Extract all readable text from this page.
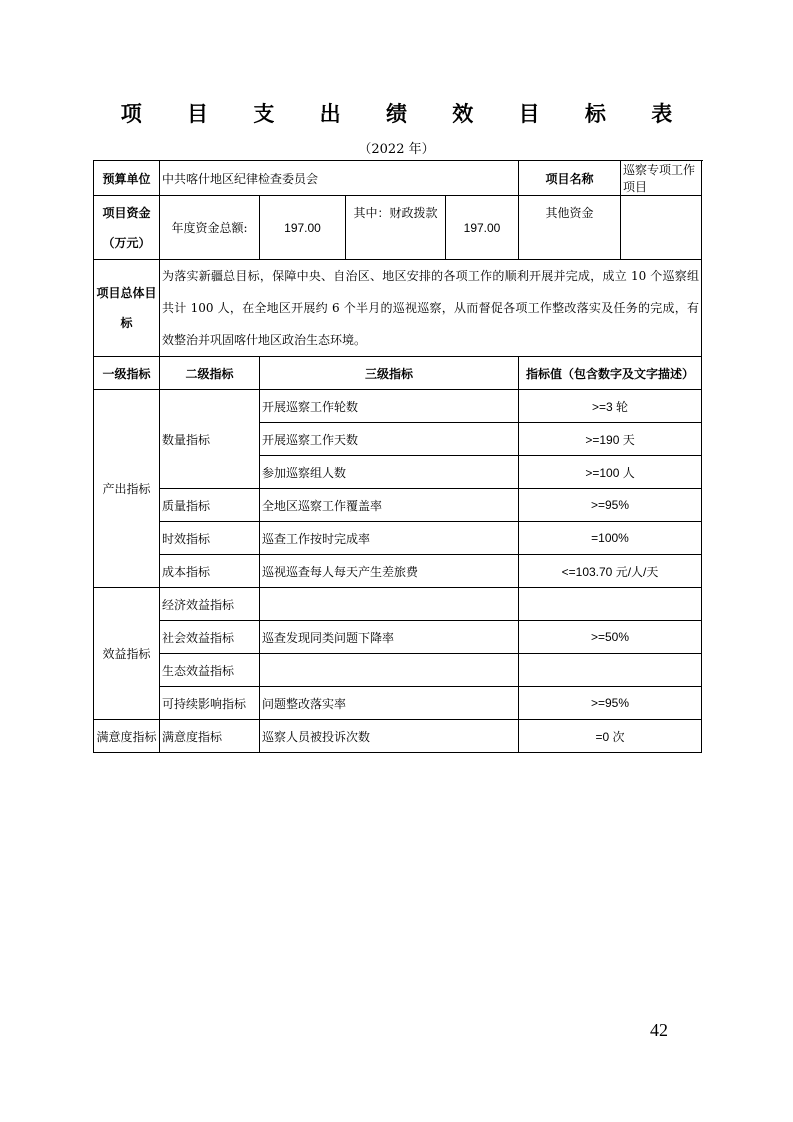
项 目 支 出 绩 效 目 标 表
（2022 年）
预算单位	中共喀什地区纪律检查委员会				项目名称	巡察专项工作项目
项目资金
（万元）	年度资金总额:	197.00	其中：财政拨款	197.00	其他资金	
项目总体目标	为落实新疆总目标，保障中央、自治区、地区安排的各项工作的顺利开展并完成，成立 10 个巡察组共计 100 人，在全地区开展约 6 个半月的巡视巡察，从而督促各项工作整改落实及任务的完成，有效整治并巩固喀什地区政治生态环境。					
一级指标	二级指标	三级指标			指标值（包含数字及文字描述）	
产出指标	数量指标	开展巡察工作轮数			>=3 轮	
		开展巡察工作天数			>=190 天	
		参加巡察组人数			>=100 人	
	质量指标	全地区巡察工作覆盖率			>=95%	
	时效指标	巡查工作按时完成率			=100%	
	成本指标	巡视巡查每人每天产生差旅费			<=103.70 元/人/天	
效益指标	经济效益指标					
	社会效益指标	巡查发现同类问题下降率			>=50%	
	生态效益指标					
	可持续影响指标	问题整改落实率			>=95%	
满意度指标	满意度指标	巡察人员被投诉次数			=0 次	
42
